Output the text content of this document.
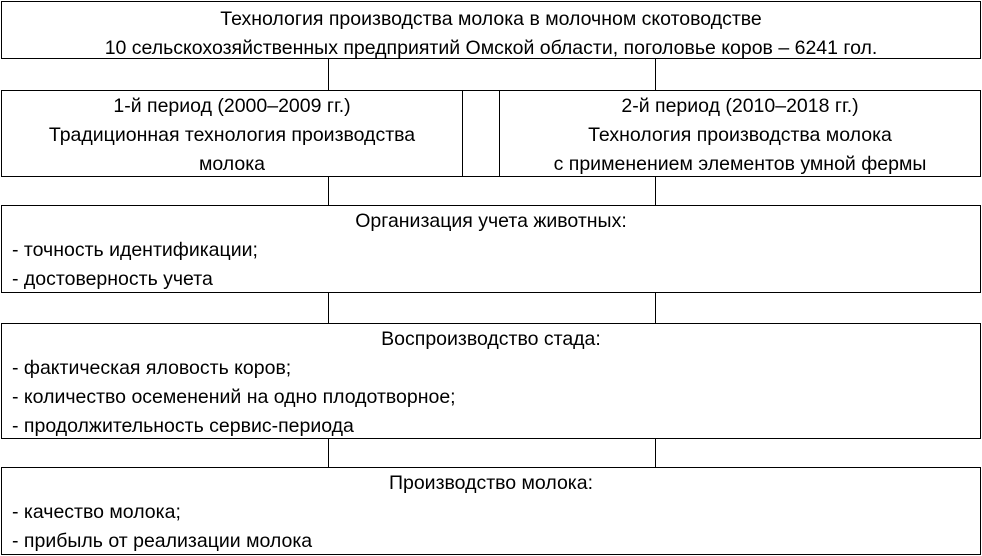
Технология производства молока в молочном скотоводстве
10 сельскохозяйственных предприятий Омской области, поголовье коров – 6241 гол.
1-й период (2000–2009 гг.)
Традиционная технология производства
молока
2-й период (2010–2018 гг.)
Технология производства молока
с применением элементов умной фермы
Организация учета животных:
- точность идентификации;
- достоверность учета
Воспроизводство стада:
- фактическая яловость коров;
- количество осеменений на одно плодотворное;
- продолжительность сервис-периода
Производство молока:
- качество молока;
- прибыль от реализации молока
